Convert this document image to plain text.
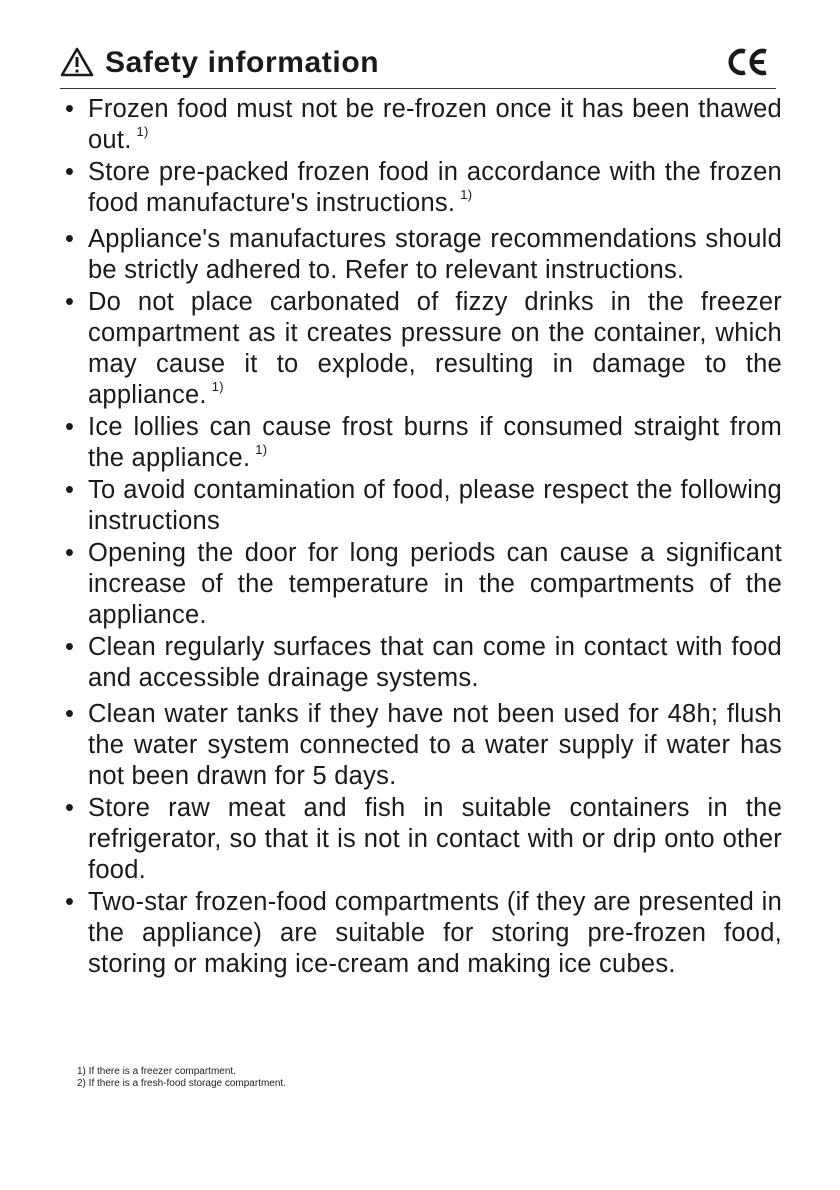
Safety information
• Frozen food must not be re-frozen once it has been thawed out. $^{1)}$
• Store pre-packed frozen food in accordance with the frozen food manufacture's instructions. $^{1)}$
• Appliance's manufactures storage recommendations should be strictly adhered to. Refer to relevant instructions.
• Do not place carbonated of fizzy drinks in the freezer compartment as it creates pressure on the container, which may cause it to explode, resulting in damage to the appliance. $^{1)}$
• Ice lollies can cause frost burns if consumed straight from the appliance. $^{1)}$
• To avoid contamination of food, please respect the following instructions
• Opening the door for long periods can cause a significant increase of the temperature in the compartments of the appliance.
• Clean regularly surfaces that can come in contact with food and accessible drainage systems.
• Clean water tanks if they have not been used for 48h; flush the water system connected to a water supply if water has not been drawn for 5 days.
• Store raw meat and fish in suitable containers in the refrigerator, so that it is not in contact with or drip onto other food.
• Two-star frozen-food compartments (if they are presented in the appliance) are suitable for storing pre-frozen food, storing or making ice-cream and making ice cubes.
1) If there is a freezer compartment.
2) If there is a fresh-food storage compartment.
